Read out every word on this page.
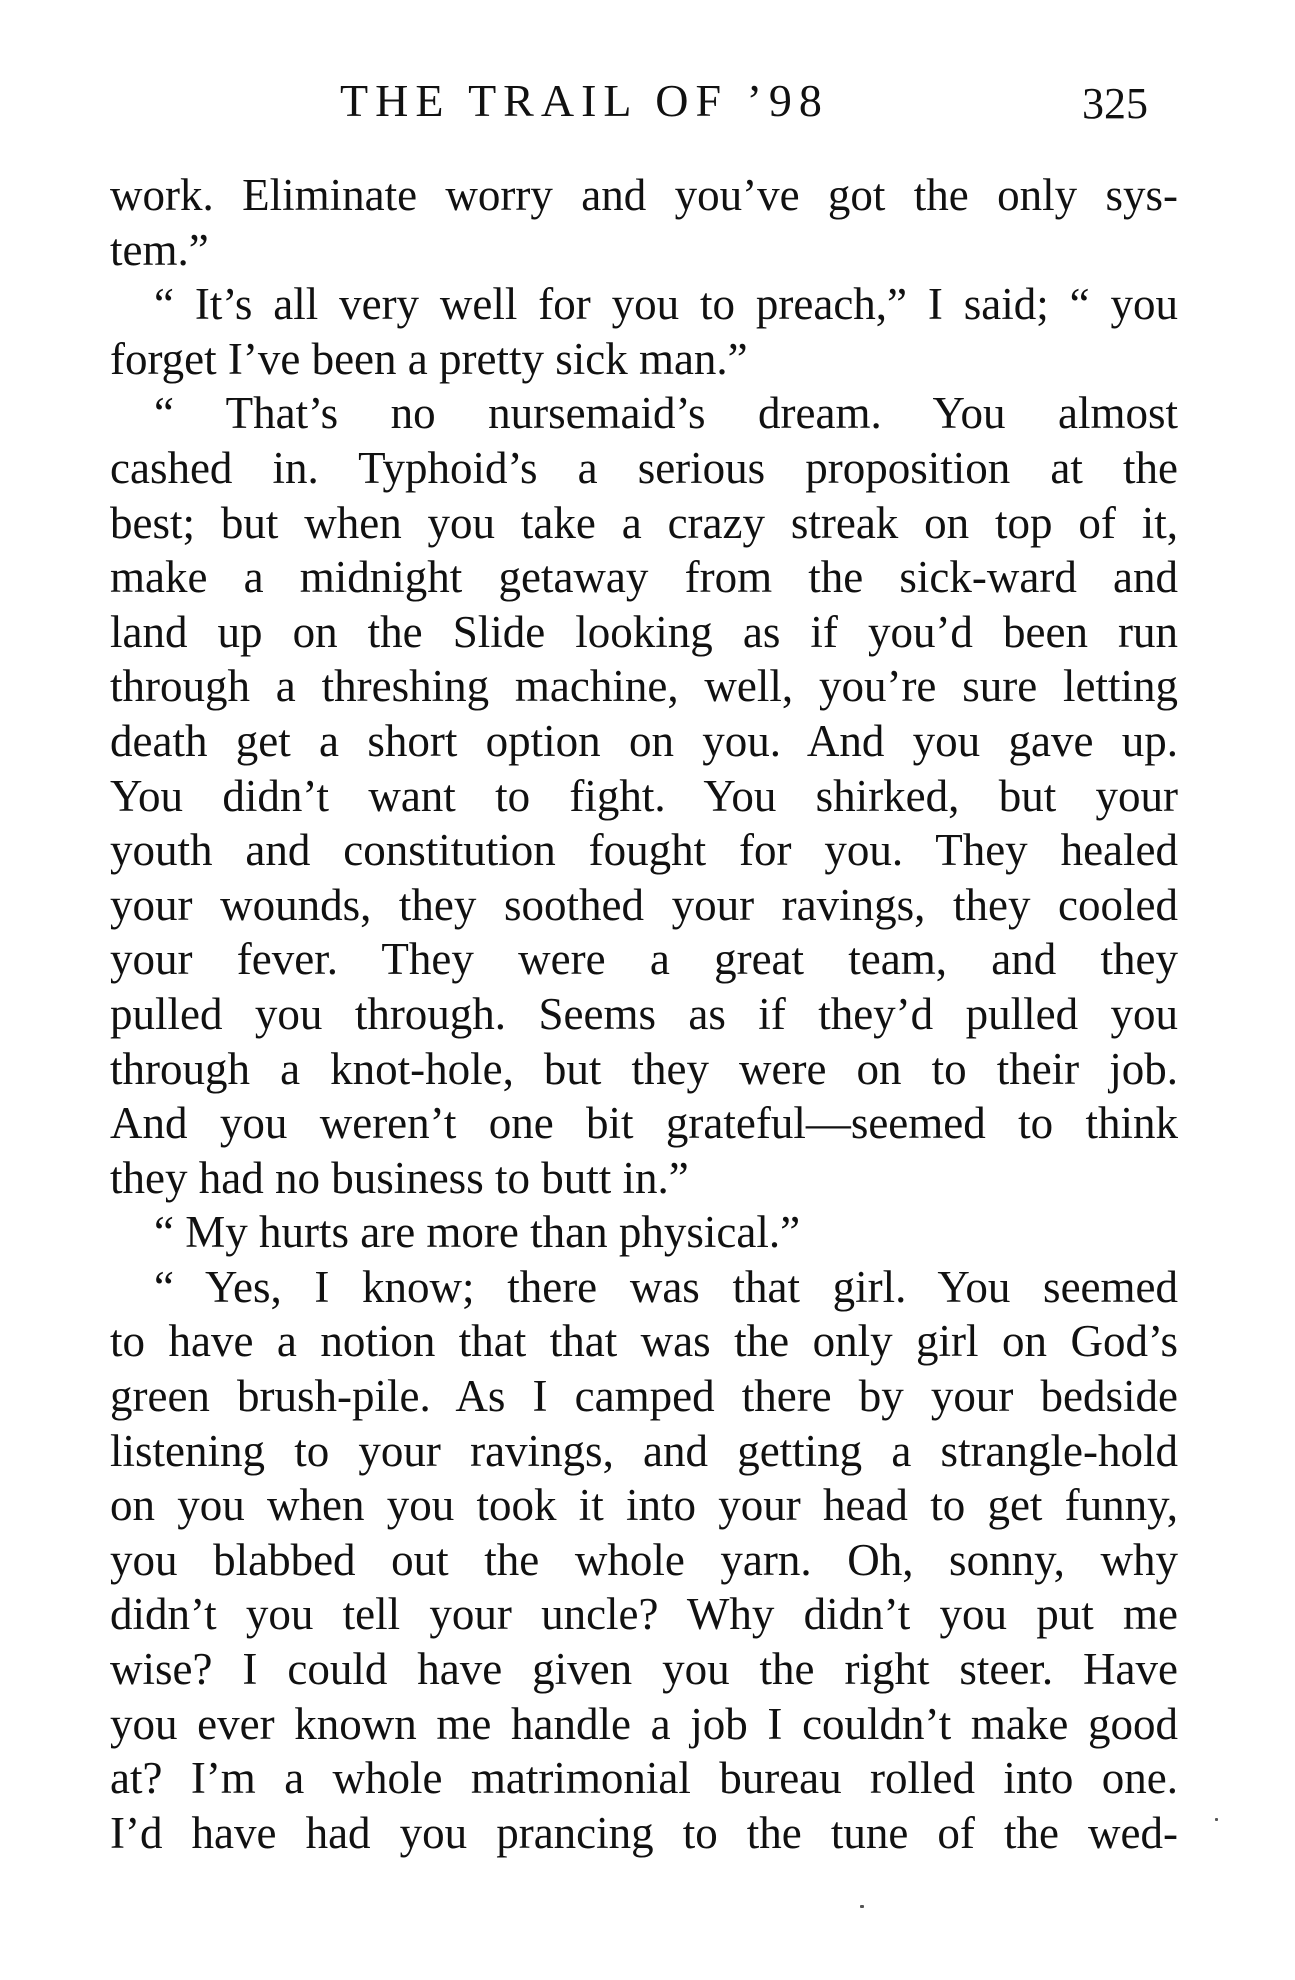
THE TRAIL OF ’98	325
work. Eliminate worry and you’ve got the only sys-
tem.”
“ It’s all very well for you to preach,” I said; “ you
forget I’ve been a pretty sick man.”
“ That’s no nursemaid’s dream. You almost
cashed in. Typhoid’s a serious proposition at the
best; but when you take a crazy streak on top of it,
make a midnight getaway from the sick-ward and
land up on the Slide looking as if you’d been run
through a threshing machine, well, you’re sure letting
death get a short option on you. And you gave up.
You didn’t want to fight. You shirked, but your
youth and constitution fought for you. They healed
your wounds, they soothed your ravings, they cooled
your fever. They were a great team, and they
pulled you through. Seems as if they’d pulled you
through a knot-hole, but they were on to their job.
And you weren’t one bit grateful—seemed to think
they had no business to butt in.”
“ My hurts are more than physical.”
“ Yes, I know; there was that girl. You seemed
to have a notion that that was the only girl on God’s
green brush-pile. As I camped there by your bedside
listening to your ravings, and getting a strangle-hold
on you when you took it into your head to get funny,
you blabbed out the whole yarn. Oh, sonny, why
didn’t you tell your uncle? Why didn’t you put me
wise? I could have given you the right steer. Have
you ever known me handle a job I couldn’t make good
at? I’m a whole matrimonial bureau rolled into one.
I’d have had you prancing to the tune of the wed-
